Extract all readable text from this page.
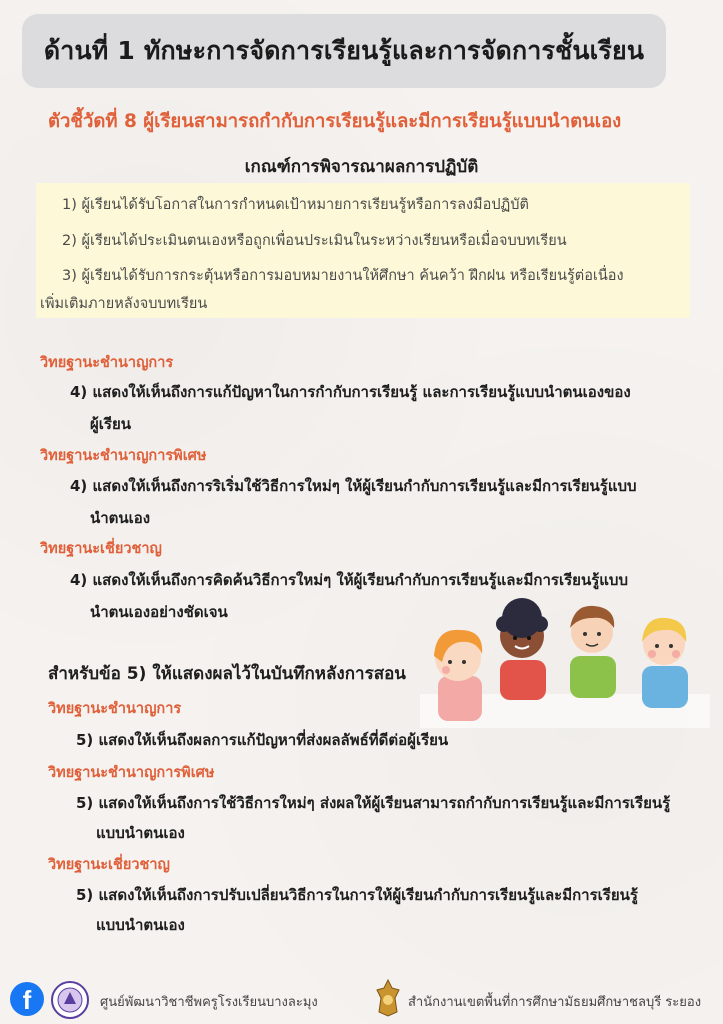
ด้านที่ 1 ทักษะการจัดการเรียนรู้และการจัดการชั้นเรียน
ตัวชี้วัดที่ 8 ผู้เรียนสามารถกำกับการเรียนรู้และมีการเรียนรู้แบบนำตนเอง
เกณฑ์การพิจารณาผลการปฏิบัติ
1) ผู้เรียนได้รับโอกาสในการกำหนดเป้าหมายการเรียนรู้หรือการลงมือปฏิบัติ
2) ผู้เรียนได้ประเมินตนเองหรือถูกเพื่อนประเมินในระหว่างเรียนหรือเมื่อจบบทเรียน
3) ผู้เรียนได้รับการกระตุ้นหรือการมอบหมายงานให้ศึกษา ค้นคว้า ฝึกฝน หรือเรียนรู้ต่อเนื่อง
เพิ่มเติมภายหลังจบบทเรียน
วิทยฐานะชำนาญการ
4) แสดงให้เห็นถึงการแก้ปัญหาในการกำกับการเรียนรู้ และการเรียนรู้แบบนำตนเองของ
ผู้เรียน
วิทยฐานะชำนาญการพิเศษ
4) แสดงให้เห็นถึงการริเริ่มใช้วิธีการใหม่ๆ ให้ผู้เรียนกำกับการเรียนรู้และมีการเรียนรู้แบบ
นำตนเอง
วิทยฐานะเชี่ยวชาญ
4) แสดงให้เห็นถึงการคิดค้นวิธีการใหม่ๆ ให้ผู้เรียนกำกับการเรียนรู้และมีการเรียนรู้แบบ
นำตนเองอย่างชัดเจน
สำหรับข้อ 5) ให้แสดงผลไว้ในบันทึกหลังการสอน
วิทยฐานะชำนาญการ
5) แสดงให้เห็นถึงผลการแก้ปัญหาที่ส่งผลลัพธ์ที่ดีต่อผู้เรียน
วิทยฐานะชำนาญการพิเศษ
5) แสดงให้เห็นถึงการใช้วิธีการใหม่ๆ ส่งผลให้ผู้เรียนสามารถกำกับการเรียนรู้และมีการเรียนรู้
แบบนำตนเอง
วิทยฐานะเชี่ยวชาญ
5) แสดงให้เห็นถึงการปรับเปลี่ยนวิธีการในการให้ผู้เรียนกำกับการเรียนรู้และมีการเรียนรู้
แบบนำตนเอง
f	ศูนย์พัฒนาวิชาชีพครูโรงเรียนบางละมุง	สำนักงานเขตพื้นที่การศึกษามัธยมศึกษาชลบุรี ระยอง
